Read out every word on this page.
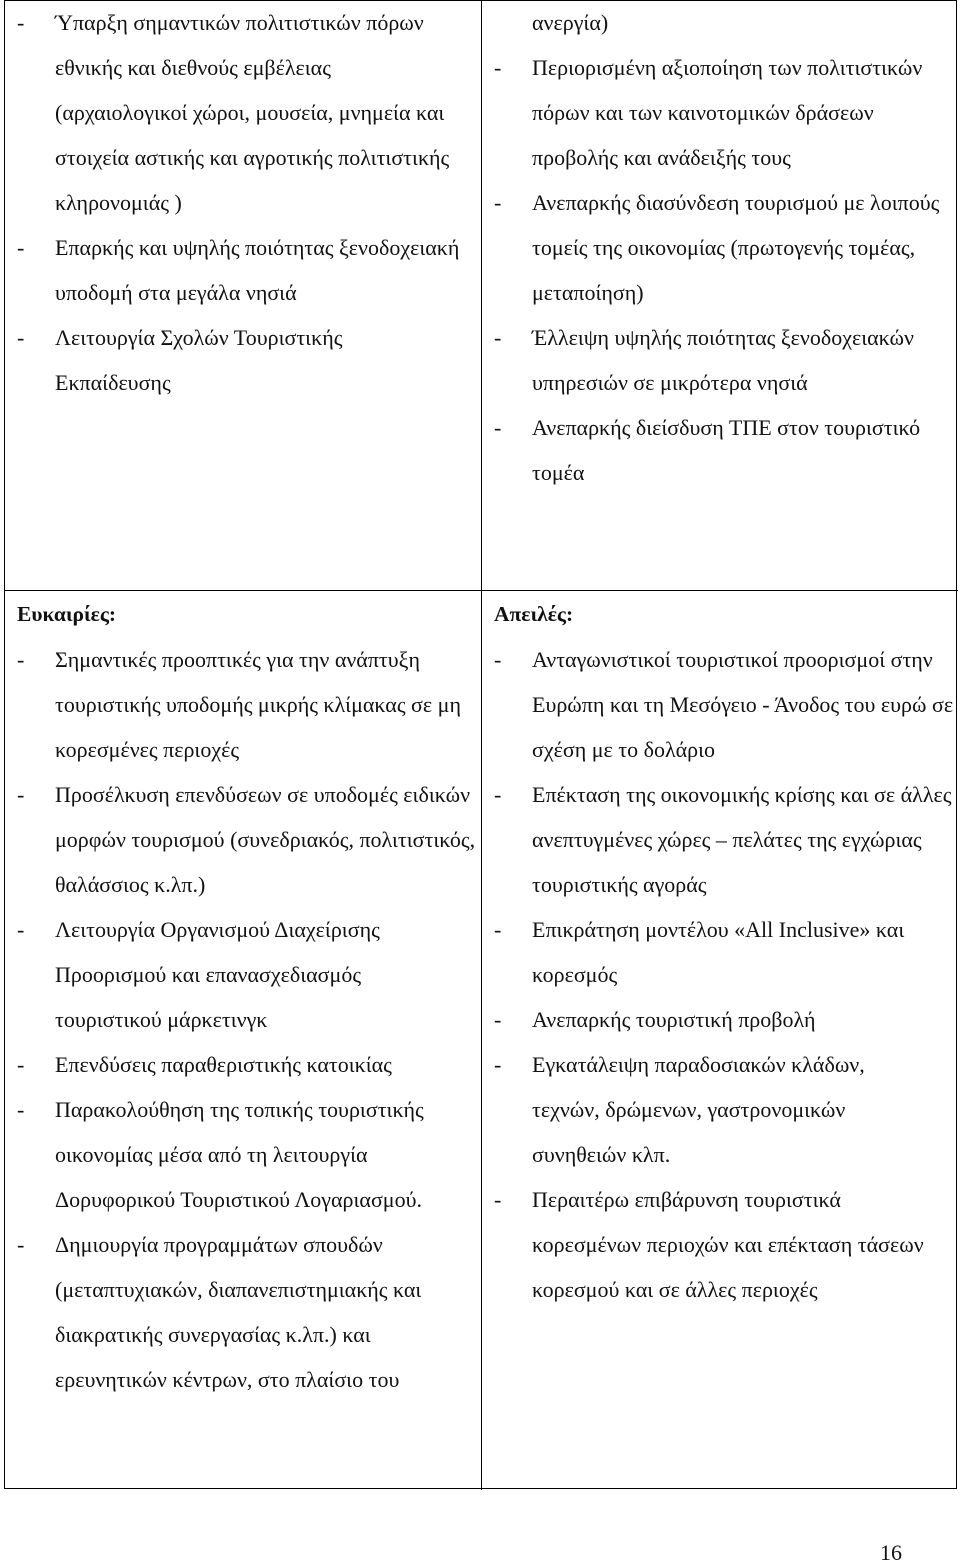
-	Ύπαρξη σημαντικών πολιτιστικών πόρων εθνικής και διεθνούς εμβέλειας (αρχαιολογικοί χώροι, μουσεία, μνημεία και στοιχεία αστικής και αγροτικής πολιτιστικής κληρονομιάς )
-	Επαρκής και υψηλής ποιότητας ξενοδοχειακή υποδομή στα μεγάλα νησιά
-	Λειτουργία Σχολών Τουριστικής Εκπαίδευσης
ανεργία)
-	Περιορισμένη αξιοποίηση των πολιτιστικών πόρων και των καινοτομικών δράσεων προβολής και ανάδειξής τους
-	Ανεπαρκής διασύνδεση τουρισμού με λοιπούς τομείς της οικονομίας (πρωτογενής τομέας, μεταποίηση)
-	Έλλειψη υψηλής ποιότητας ξενοδοχειακών υπηρεσιών σε μικρότερα νησιά
-	Ανεπαρκής διείσδυση ΤΠΕ στον τουριστικό τομέα
Ευκαιρίες:
-	Σημαντικές προοπτικές για την ανάπτυξη τουριστικής υποδομής μικρής κλίμακας σε μη κορεσμένες περιοχές
-	Προσέλκυση επενδύσεων σε υποδομές ειδικών μορφών τουρισμού (συνεδριακός, πολιτιστικός, θαλάσσιος κ.λπ.)
-	Λειτουργία Οργανισμού Διαχείρισης Προορισμού και επανασχεδιασμός τουριστικού μάρκετινγκ
-	Επενδύσεις παραθεριστικής κατοικίας
-	Παρακολούθηση της τοπικής τουριστικής οικονομίας μέσα από τη λειτουργία Δορυφορικού Τουριστικού Λογαριασμού.
-	Δημιουργία προγραμμάτων σπουδών (μεταπτυχιακών, διαπανεπιστημιακής και διακρατικής συνεργασίας κ.λπ.) και ερευνητικών κέντρων, στο πλαίσιο του
Απειλές:
-	Ανταγωνιστικοί τουριστικοί προορισμοί στην Ευρώπη και τη Μεσόγειο - Άνοδος του ευρώ σε σχέση με το δολάριο
-	Επέκταση της οικονομικής κρίσης και σε άλλες ανεπτυγμένες χώρες – πελάτες της εγχώριας τουριστικής αγοράς
-	Επικράτηση μοντέλου «All Inclusive» και κορεσμός
-	Ανεπαρκής τουριστική προβολή
-	Εγκατάλειψη παραδοσιακών κλάδων, τεχνών, δρώμενων, γαστρονομικών συνηθειών κλπ.
-	Περαιτέρω επιβάρυνση τουριστικά κορεσμένων περιοχών και επέκταση τάσεων κορεσμού και σε άλλες περιοχές
16
